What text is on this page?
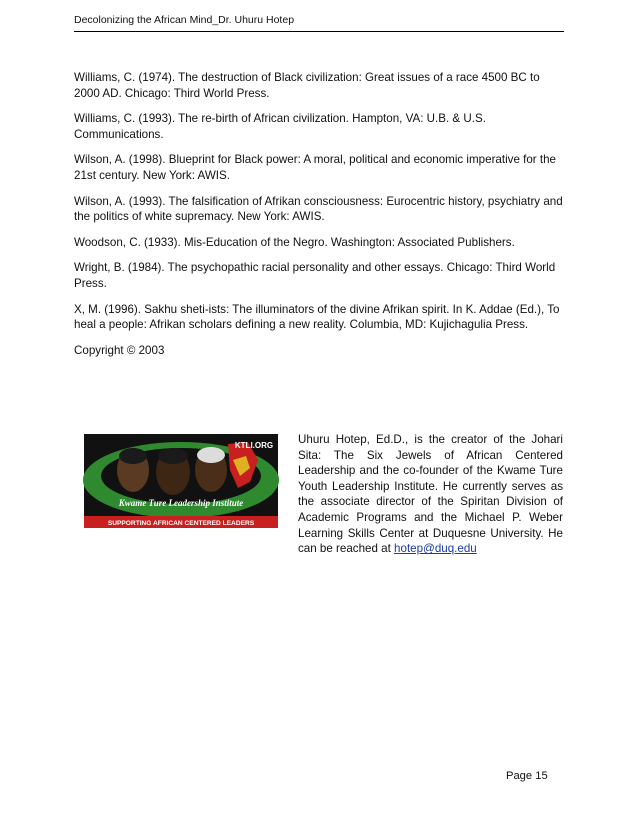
Decolonizing the African Mind_Dr. Uhuru Hotep

Williams, C. (1974). The destruction of Black civilization: Great issues of a race 4500 BC to 2000 AD. Chicago: Third World Press.

Williams, C. (1993). The re-birth of African civilization. Hampton, VA: U.B. & U.S. Communications.

Wilson, A. (1998). Blueprint for Black power: A moral, political and economic imperative for the 21st century. New York: AWIS.

Wilson, A. (1993). The falsification of Afrikan consciousness: Eurocentric history, psychiatry and the politics of white supremacy. New York: AWIS.

Woodson, C. (1933). Mis-Education of the Negro. Washington: Associated Publishers.

Wright, B. (1984). The psychopathic racial personality and other essays. Chicago: Third World Press.

X, M. (1996). Sakhu sheti-ists: The illuminators of the divine Afrikan spirit. In K. Addae (Ed.), To heal a people: Afrikan scholars defining a new reality. Columbia, MD: Kujichagulia Press.

Copyright © 2003

Kwame Ture Leadership Institute
KTLI.ORG
SUPPORTING AFRICAN CENTERED LEADERS
Uhuru Hotep, Ed.D., is the creator of the Johari Sita: The Six Jewels of African Centered Leadership and the co-founder of the Kwame Ture Youth Leadership Institute. He currently serves as the associate director of the Spiritan Division of Academic Programs and the Michael P. Weber Learning Skills Center at Duquesne University. He can be reached at hotep@duq.edu
Page 15
